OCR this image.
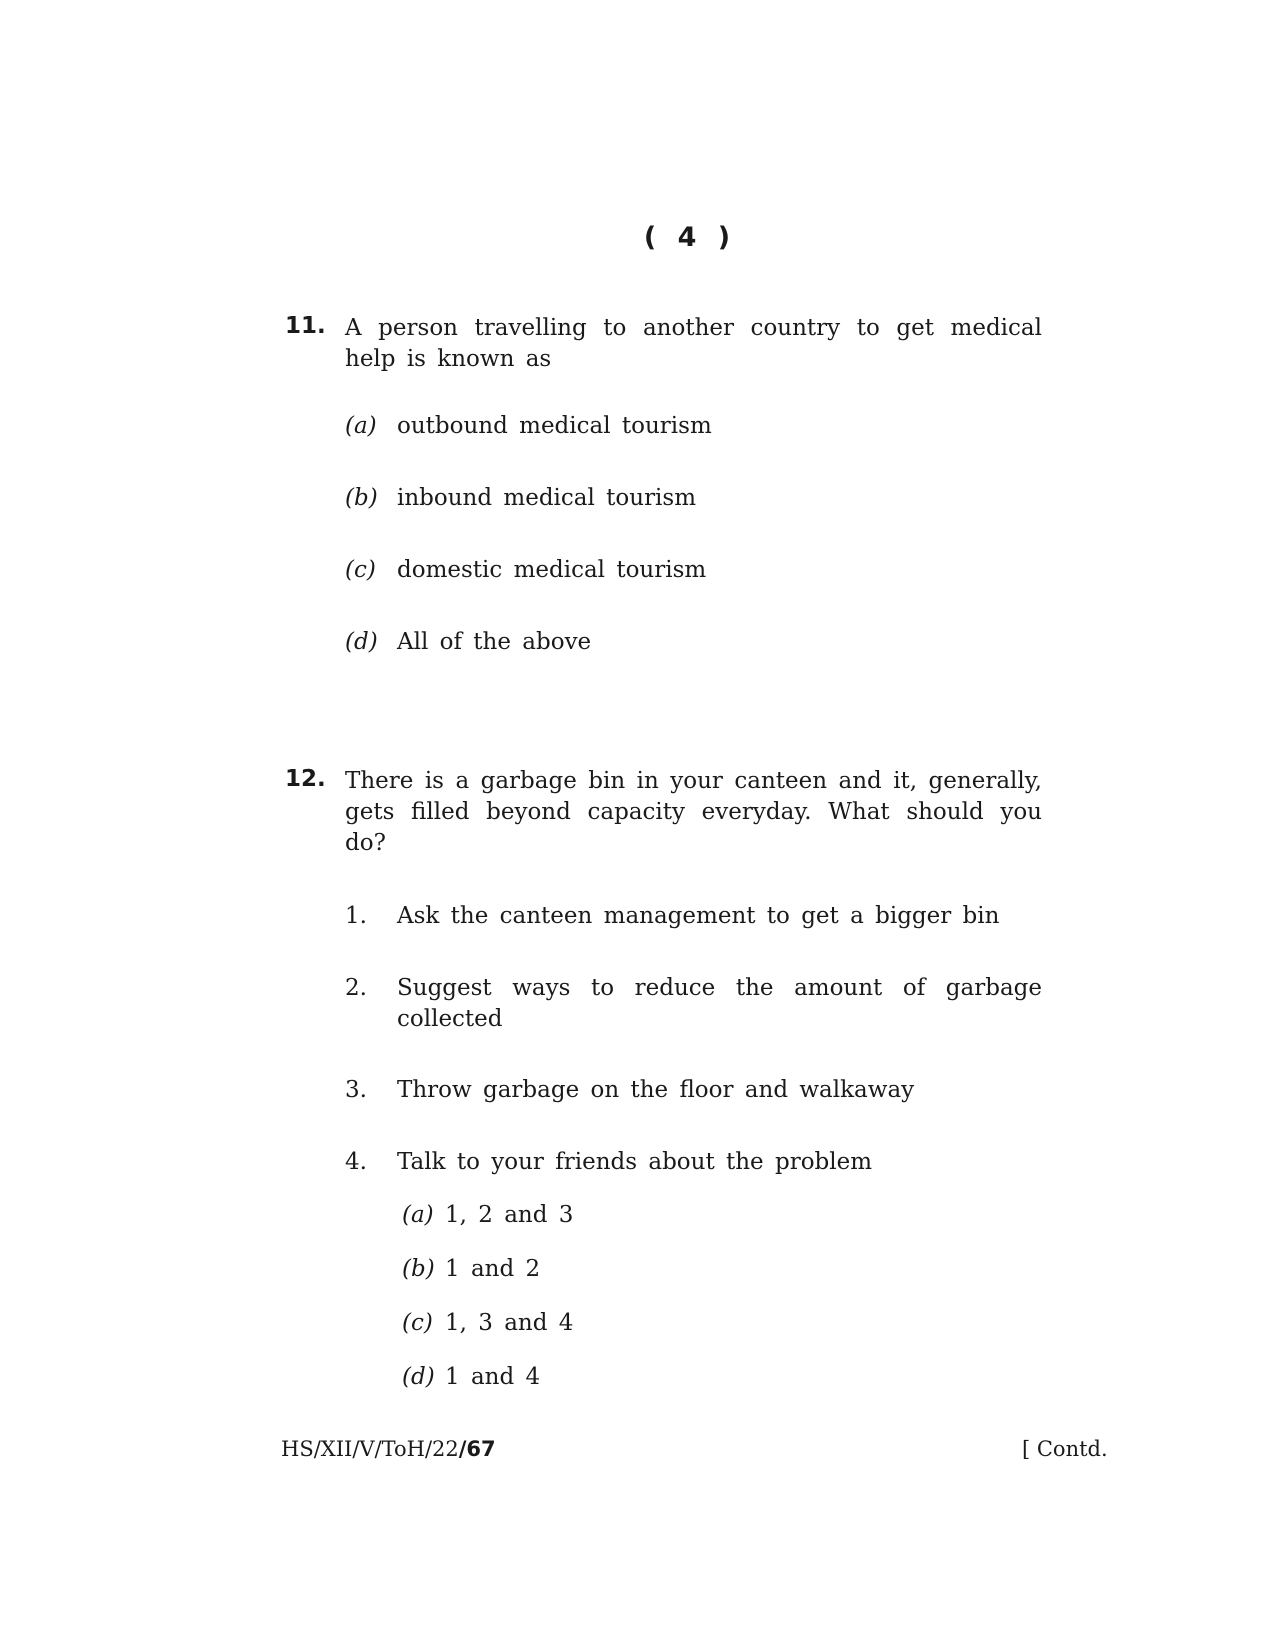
( 4 )
11. A person travelling to another country to get medical help is known as
(a) outbound medical tourism
(b) inbound medical tourism
(c) domestic medical tourism
(d) All of the above
12. There is a garbage bin in your canteen and it, generally, gets filled beyond capacity everyday. What should you do?
1. Ask the canteen management to get a bigger bin
2. Suggest ways to reduce the amount of garbage collected
3. Throw garbage on the floor and walkaway
4. Talk to your friends about the problem
(a) 1, 2 and 3
(b) 1 and 2
(c) 1, 3 and 4
(d) 1 and 4
HS/XII/V/ToH/22/67	[ Contd.
